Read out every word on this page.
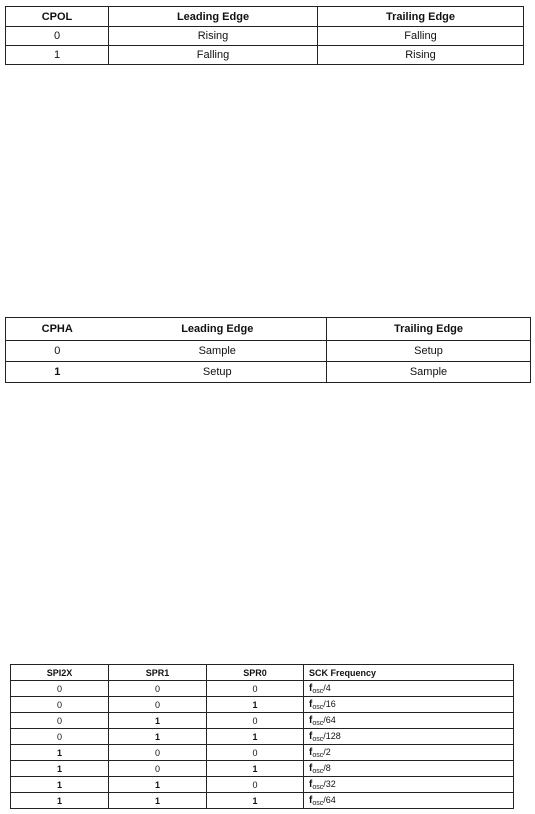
CPOL	Leading Edge	Trailing Edge
0	Rising	Falling
1	Falling	Rising
CPHA	Leading Edge	Trailing Edge
0	Sample	Setup
1	Setup	Sample
SPI2X	SPR1	SPR0	SCK Frequency
0	0	0	$f_{osc}/4$
0	0	1	$f_{osc}/16$
0	1	0	$f_{osc}/64$
0	1	1	$f_{osc}/128$
1	0	0	$f_{osc}/2$
1	0	1	$f_{osc}/8$
1	1	0	$f_{osc}/32$
1	1	1	$f_{osc}/64$
